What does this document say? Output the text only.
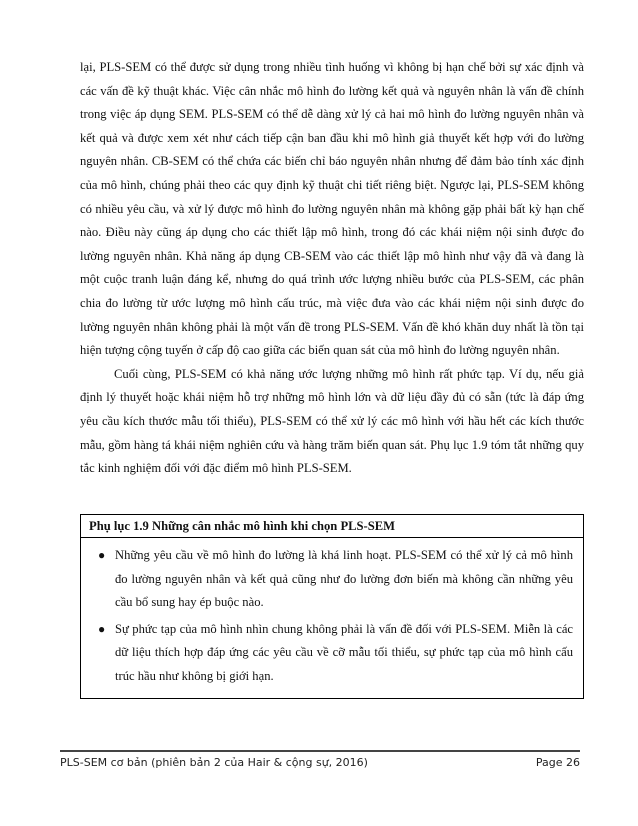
lại, PLS-SEM có thể được sử dụng trong nhiều tình huống vì không bị hạn chế bởi sự xác định và các vấn đề kỹ thuật khác. Việc cân nhắc mô hình đo lường kết quả và nguyên nhân là vấn đề chính trong việc áp dụng SEM. PLS-SEM có thể dễ dàng xử lý cả hai mô hình đo lường nguyên nhân và kết quả và được xem xét như cách tiếp cận ban đầu khi mô hình giả thuyết kết hợp với đo lường nguyên nhân. CB-SEM có thể chứa các biến chỉ báo nguyên nhân nhưng để đảm bảo tính xác định của mô hình, chúng phải theo các quy định kỹ thuật chi tiết riêng biệt. Ngược lại, PLS-SEM không có nhiều yêu cầu, và xử lý được mô hình đo lường nguyên nhân mà không gặp phải bất kỳ hạn chế nào. Điều này cũng áp dụng cho các thiết lập mô hình, trong đó các khái niệm nội sinh được đo lường nguyên nhân. Khả năng áp dụng CB-SEM vào các thiết lập mô hình như vậy đã và đang là một cuộc tranh luận đáng kể, nhưng do quá trình ước lượng nhiều bước của PLS-SEM, các phân chia đo lường từ ước lượng mô hình cấu trúc, mà việc đưa vào các khái niệm nội sinh được đo lường nguyên nhân không phải là một vấn đề trong PLS-SEM. Vấn đề khó khăn duy nhất là tồn tại hiện tượng cộng tuyến ở cấp độ cao giữa các biến quan sát của mô hình đo lường nguyên nhân.

Cuối cùng, PLS-SEM có khả năng ước lượng những mô hình rất phức tạp. Ví dụ, nếu giả định lý thuyết hoặc khái niệm hỗ trợ những mô hình lớn và dữ liệu đầy đủ có sẵn (tức là đáp ứng yêu cầu kích thước mẫu tối thiểu), PLS-SEM có thể xử lý các mô hình với hầu hết các kích thước mẫu, gồm hàng tá khái niệm nghiên cứu và hàng trăm biến quan sát. Phụ lục 1.9 tóm tắt những quy tắc kinh nghiệm đối với đặc điểm mô hình PLS-SEM.

Phụ lục 1.9 Những cân nhắc mô hình khi chọn PLS-SEM
● Những yêu cầu về mô hình đo lường là khá linh hoạt. PLS-SEM có thể xử lý cả mô hình đo lường nguyên nhân và kết quả cũng như đo lường đơn biến mà không cần những yêu cầu bổ sung hay ép buộc nào.
● Sự phức tạp của mô hình nhìn chung không phải là vấn đề đối với PLS-SEM. Miễn là các dữ liệu thích hợp đáp ứng các yêu cầu về cỡ mẫu tối thiểu, sự phức tạp của mô hình cấu trúc hầu như không bị giới hạn.
PLS-SEM cơ bản (phiên bản 2 của Hair & cộng sự, 2016)	Page 26
